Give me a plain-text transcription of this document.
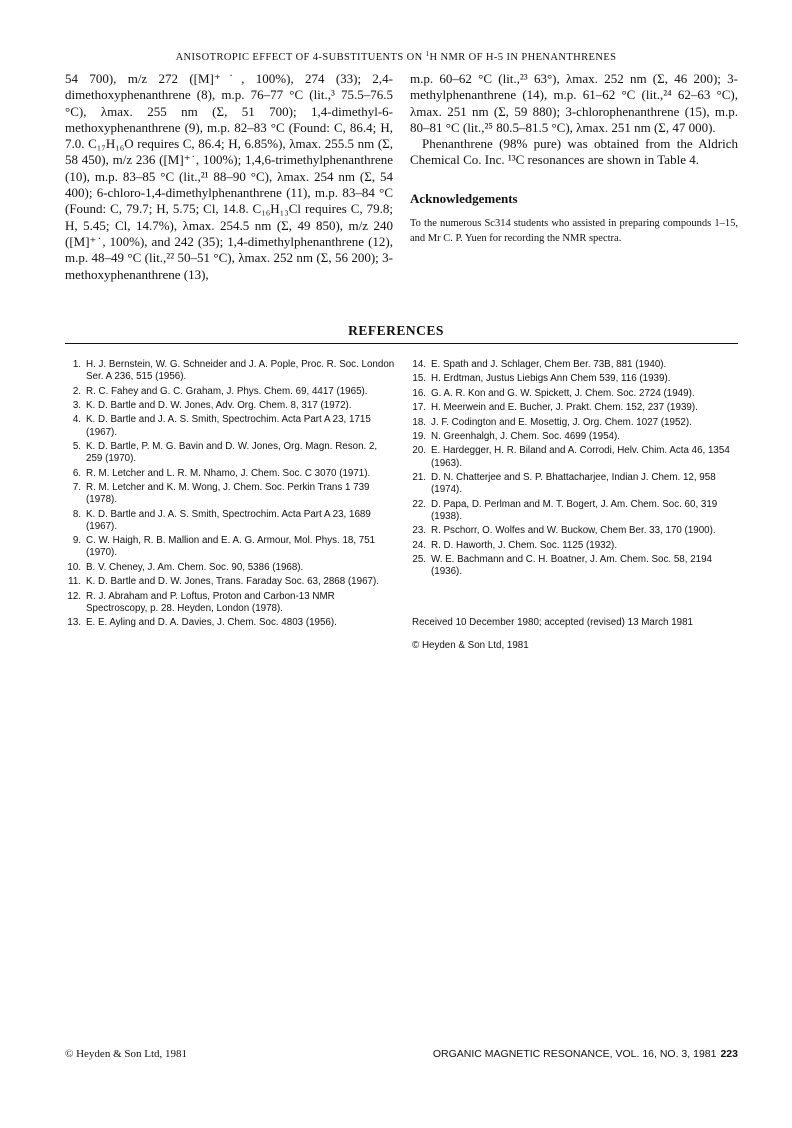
ANISOTROPIC EFFECT OF 4-SUBSTITUENTS ON $^1$H NMR OF H-5 IN PHENANTHRENES

54 700), m/z 272 ([M]⁺˙, 100%), 274 (33); 2,4-dimethoxyphenanthrene (8), m.p. 76–77 °C (lit.,³ 75.5–76.5 °C), λmax. 255 nm (Σ, 51 700); 1,4-dimethyl-6-methoxyphenanthrene (9), m.p. 82–83 °C (Found: C, 86.4; H, 7.0. C₁₇H₁₆O requires C, 86.4; H, 6.85%), λmax. 255.5 nm (Σ, 58 450), m/z 236 ([M]⁺˙, 100%); 1,4,6-trimethylphenanthrene (10), m.p. 83–85 °C (lit.,²¹ 88–90 °C), λmax. 254 nm (Σ, 54 400); 6-chloro-1,4-dimethylphenanthrene (11), m.p. 83–84 °C (Found: C, 79.7; H, 5.75; Cl, 14.8. C₁₆H₁₃Cl requires C, 79.8; H, 5.45; Cl, 14.7%), λmax. 254.5 nm (Σ, 49 850), m/z 240 ([M]⁺˙, 100%), and 242 (35); 1,4-dimethylphenanthrene (12), m.p. 48–49 °C (lit.,²² 50–51 °C), λmax. 252 nm (Σ, 56 200); 3-methoxyphenanthrene (13),

m.p. 60–62 °C (lit.,²³ 63°), λmax. 252 nm (Σ, 46 200); 3-methylphenanthrene (14), m.p. 61–62 °C (lit.,²⁴ 62–63 °C), λmax. 251 nm (Σ, 59 880); 3-chlorophenanthrene (15), m.p. 80–81 °C (lit.,²⁵ 80.5–81.5 °C), λmax. 251 nm (Σ, 47 000).

Phenanthrene (98% pure) was obtained from the Aldrich Chemical Co. Inc. ¹³C resonances are shown in Table 4.

Acknowledgements
To the numerous Sc314 students who assisted in preparing compounds 1–15, and Mr C. P. Yuen for recording the NMR spectra.
REFERENCES
1. H. J. Bernstein, W. G. Schneider and J. A. Pople, Proc. R. Soc. London Ser. A 236, 515 (1956).
2. R. C. Fahey and G. C. Graham, J. Phys. Chem. 69, 4417 (1965).
3. K. D. Bartle and D. W. Jones, Adv. Org. Chem. 8, 317 (1972).
4. K. D. Bartle and J. A. S. Smith, Spectrochim. Acta Part A 23, 1715 (1967).
5. K. D. Bartle, P. M. G. Bavin and D. W. Jones, Org. Magn. Reson. 2, 259 (1970).
6. R. M. Letcher and L. R. M. Nhamo, J. Chem. Soc. C 3070 (1971).
7. R. M. Letcher and K. M. Wong, J. Chem. Soc. Perkin Trans 1 739 (1978).
8. K. D. Bartle and J. A. S. Smith, Spectrochim. Acta Part A 23, 1689 (1967).
9. C. W. Haigh, R. B. Mallion and E. A. G. Armour, Mol. Phys. 18, 751 (1970).
10. B. V. Cheney, J. Am. Chem. Soc. 90, 5386 (1968).
11. K. D. Bartle and D. W. Jones, Trans. Faraday Soc. 63, 2868 (1967).
12. R. J. Abraham and P. Loftus, Proton and Carbon-13 NMR Spectroscopy, p. 28. Heyden, London (1978).
13. E. E. Ayling and D. A. Davies, J. Chem. Soc. 4803 (1956).
14. E. Spath and J. Schlager, Chem Ber. 73B, 881 (1940).
15. H. Erdtman, Justus Liebigs Ann Chem 539, 116 (1939).
16. G. A. R. Kon and G. W. Spickett, J. Chem. Soc. 2724 (1949).
17. H. Meerwein and E. Bucher, J. Prakt. Chem. 152, 237 (1939).
18. J. F. Codington and E. Mosettig, J. Org. Chem. 1027 (1952).
19. N. Greenhalgh, J. Chem. Soc. 4699 (1954).
20. E. Hardegger, H. R. Biland and A. Corrodi, Helv. Chim. Acta 46, 1354 (1963).
21. D. N. Chatterjee and S. P. Bhattacharjee, Indian J. Chem. 12, 958 (1974).
22. D. Papa, D. Perlman and M. T. Bogert, J. Am. Chem. Soc. 60, 319 (1938).
23. R. Pschorr, O. Wolfes and W. Buckow, Chem Ber. 33, 170 (1900).
24. R. D. Haworth, J. Chem. Soc. 1125 (1932).
25. W. E. Bachmann and C. H. Boatner, J. Am. Chem. Soc. 58, 2194 (1936).

Received 10 December 1980; accepted (revised) 13 March 1981

© Heyden & Son Ltd, 1981

© Heyden & Son Ltd, 1981	ORGANIC MAGNETIC RESONANCE, VOL. 16, NO. 3, 1981 223
